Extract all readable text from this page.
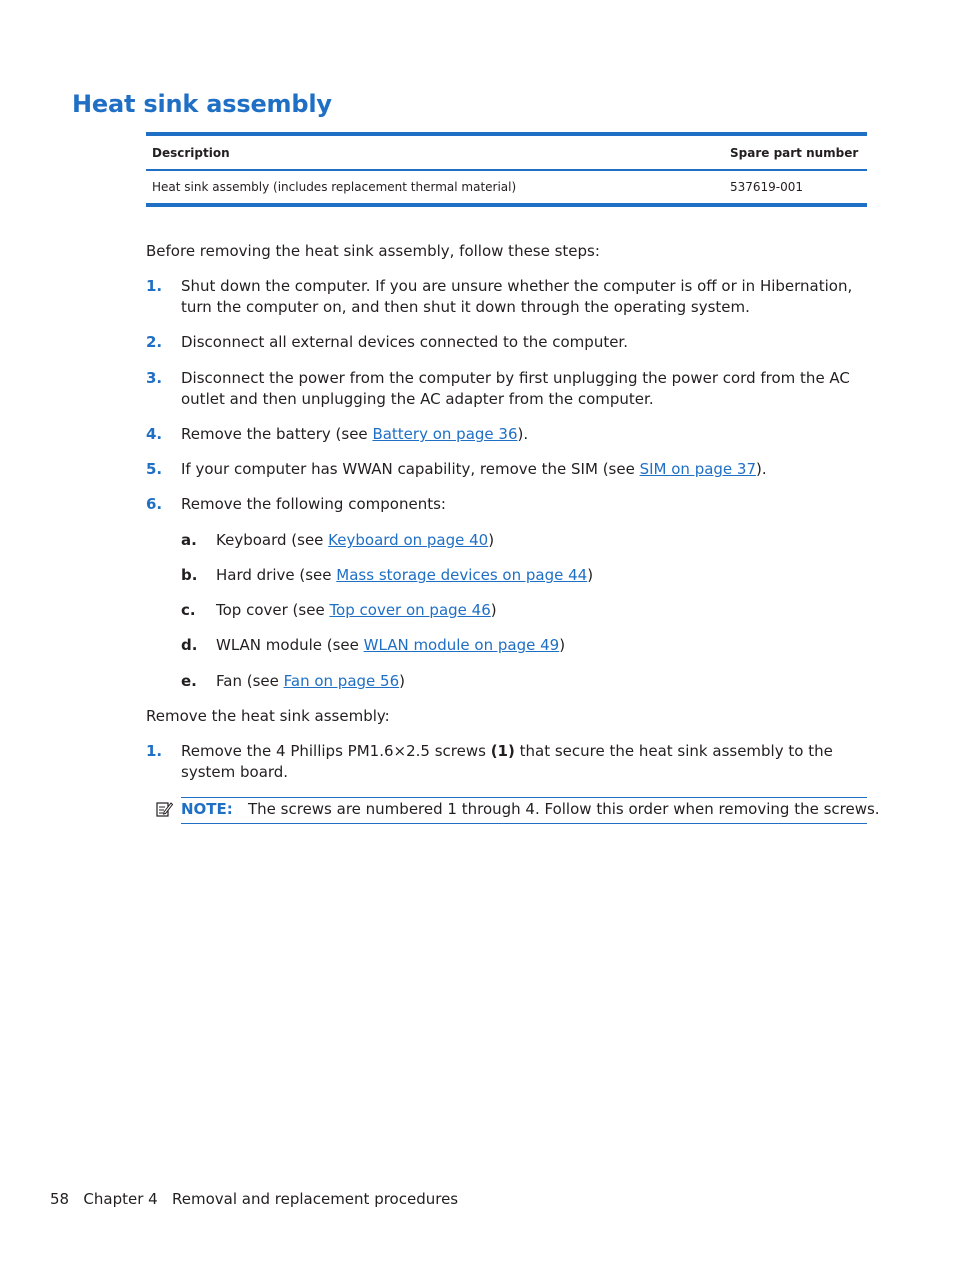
Heat sink assembly
Description	Spare part number
Heat sink assembly (includes replacement thermal material)	537619-001
Before removing the heat sink assembly, follow these steps:
1. Shut down the computer. If you are unsure whether the computer is off or in Hibernation, turn the computer on, and then shut it down through the operating system.
2. Disconnect all external devices connected to the computer.
3. Disconnect the power from the computer by first unplugging the power cord from the AC outlet and then unplugging the AC adapter from the computer.
4. Remove the battery (see Battery on page 36).
5. If your computer has WWAN capability, remove the SIM (see SIM on page 37).
6. Remove the following components:
a. Keyboard (see Keyboard on page 40)
b. Hard drive (see Mass storage devices on page 44)
c. Top cover (see Top cover on page 46)
d. WLAN module (see WLAN module on page 49)
e. Fan (see Fan on page 56)
Remove the heat sink assembly:
1. Remove the 4 Phillips PM1.6×2.5 screws (1) that secure the heat sink assembly to the system board.
NOTE: The screws are numbered 1 through 4. Follow this order when removing the screws.
58 Chapter 4 Removal and replacement procedures
